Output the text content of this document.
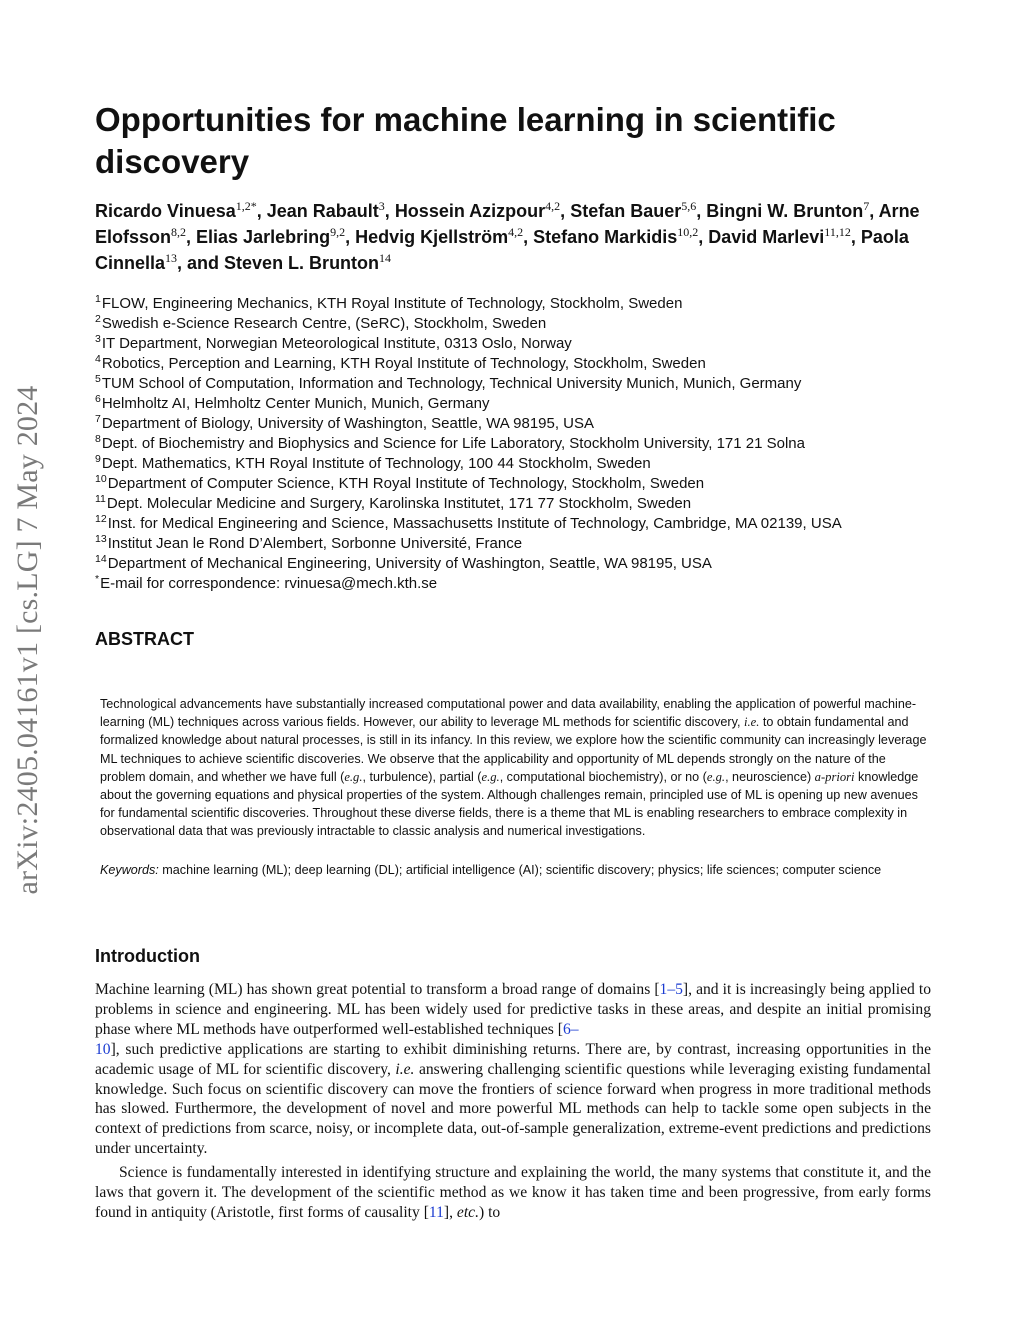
arXiv:2405.04161v1 [cs.LG] 7 May 2024
Opportunities for machine learning in scientific discovery

Ricardo Vinuesa$^{1,2*}$, Jean Rabault$^3$, Hossein Azizpour$^{4,2}$, Stefan Bauer$^{5,6}$, Bingni W. Brunton$^7$, Arne Elofsson$^{8,2}$, Elias Jarlebring$^{9,2}$, Hedvig Kjellström$^{4,2}$, Stefano Markidis$^{10,2}$, David Marlevi$^{11,12}$, Paola Cinnella$^{13}$, and Steven L. Brunton$^{14}$

$^1$FLOW, Engineering Mechanics, KTH Royal Institute of Technology, Stockholm, Sweden
$^2$Swedish e-Science Research Centre, (SeRC), Stockholm, Sweden
$^3$IT Department, Norwegian Meteorological Institute, 0313 Oslo, Norway
$^4$Robotics, Perception and Learning, KTH Royal Institute of Technology, Stockholm, Sweden
$^5$TUM School of Computation, Information and Technology, Technical University Munich, Munich, Germany
$^6$Helmholtz AI, Helmholtz Center Munich, Munich, Germany
$^7$Department of Biology, University of Washington, Seattle, WA 98195, USA
$^8$Dept. of Biochemistry and Biophysics and Science for Life Laboratory, Stockholm University, 171 21 Solna
$^9$Dept. Mathematics, KTH Royal Institute of Technology, 100 44 Stockholm, Sweden
$^{10}$Department of Computer Science, KTH Royal Institute of Technology, Stockholm, Sweden
$^{11}$Dept. Molecular Medicine and Surgery, Karolinska Institutet, 171 77 Stockholm, Sweden
$^{12}$Inst. for Medical Engineering and Science, Massachusetts Institute of Technology, Cambridge, MA 02139, USA
$^{13}$Institut Jean le Rond D’Alembert, Sorbonne Université, France
$^{14}$Department of Mechanical Engineering, University of Washington, Seattle, WA 98195, USA
*E-mail for correspondence: rvinuesa@mech.kth.se
ABSTRACT

Technological advancements have substantially increased computational power and data availability, enabling the application of powerful machine-learning (ML) techniques across various fields. However, our ability to leverage ML methods for scientific discovery, i.e. to obtain fundamental and formalized knowledge about natural processes, is still in its infancy. In this review, we explore how the scientific community can increasingly leverage ML techniques to achieve scientific discoveries. We observe that the applicability and opportunity of ML depends strongly on the nature of the problem domain, and whether we have full (e.g., turbulence), partial (e.g., computational biochemistry), or no (e.g., neuroscience) a-priori knowledge about the governing equations and physical properties of the system. Although challenges remain, principled use of ML is opening up new avenues for fundamental scientific discoveries. Throughout these diverse fields, there is a theme that ML is enabling researchers to embrace complexity in observational data that was previously intractable to classic analysis and numerical investigations.

Keywords: machine learning (ML); deep learning (DL); artificial intelligence (AI); scientific discovery; physics; life sciences; computer science

Introduction

Machine learning (ML) has shown great potential to transform a broad range of domains [1–5], and it is increasingly being applied to problems in science and engineering. ML has been widely used for predictive tasks in these areas, and despite an initial promising phase where ML methods have outperformed well-established techniques [6–
10], such predictive applications are starting to exhibit diminishing returns. There are, by contrast, increasing opportunities in the academic usage of ML for scientific discovery, i.e. answering challenging scientific questions while leveraging existing fundamental knowledge. Such focus on scientific discovery can move the frontiers of science forward when progress in more traditional methods has slowed. Furthermore, the development of novel and more powerful ML methods can help to tackle some open subjects in the context of predictions from scarce, noisy, or incomplete data, out-of-sample generalization, extreme-event predictions and predictions under uncertainty.

Science is fundamentally interested in identifying structure and explaining the world, the many systems that constitute it, and the laws that govern it. The development of the scientific method as we know it has taken time and been progressive, from early forms found in antiquity (Aristotle, first forms of causality [11], etc.) to
